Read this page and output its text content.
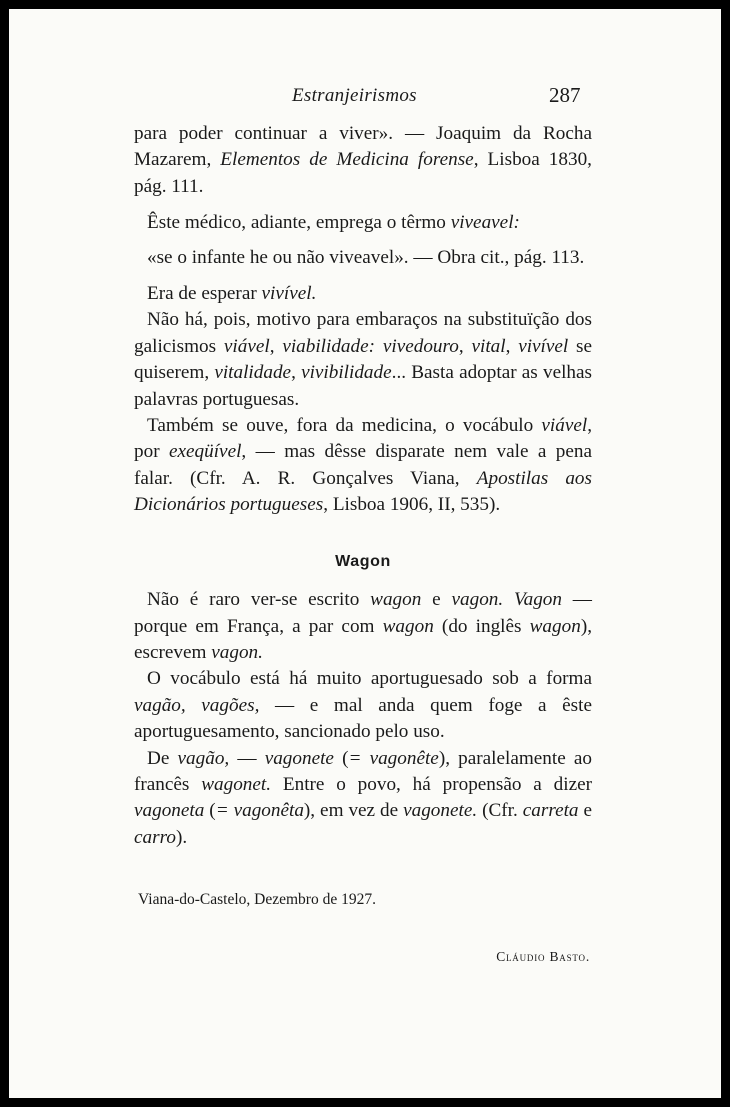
Estranjeirismos	287

para poder continuar a viver». — Joaquim da Rocha Mazarem, Elementos de Medicina forense, Lisboa 1830, pág. 111.

Êste médico, adiante, emprega o têrmo viveavel:

«se o infante he ou não viveavel». — Obra cit., pág. 113.

Era de esperar vivível.

Não há, pois, motivo para embaraços na substituïção dos galicismos viável, viabilidade: vivedouro, vital, vivível se quiserem, vitalidade, vivibilidade... Basta adoptar as velhas palavras portuguesas.

Também se ouve, fora da medicina, o vocábulo viável, por exeqüível, — mas dêsse disparate nem vale a pena falar. (Cfr. A. R. Gonçalves Viana, Apostilas aos Dicionários portugueses, Lisboa 1906, II, 535).

Wagon

Não é raro ver-se escrito wagon e vagon. Vagon — porque em França, a par com wagon (do inglês wagon), escrevem vagon.

O vocábulo está há muito aportuguesado sob a forma vagão, vagões, — e mal anda quem foge a êste aportuguesamento, sancionado pelo uso.

De vagão, — vagonete (= vagonête), paralelamente ao francês wagonet. Entre o povo, há propensão a dizer vagoneta (= vagonêta), em vez de vagonete. (Cfr. carreta e carro).

Viana-do-Castelo, Dezembro de 1927.
Cláudio Basto.
